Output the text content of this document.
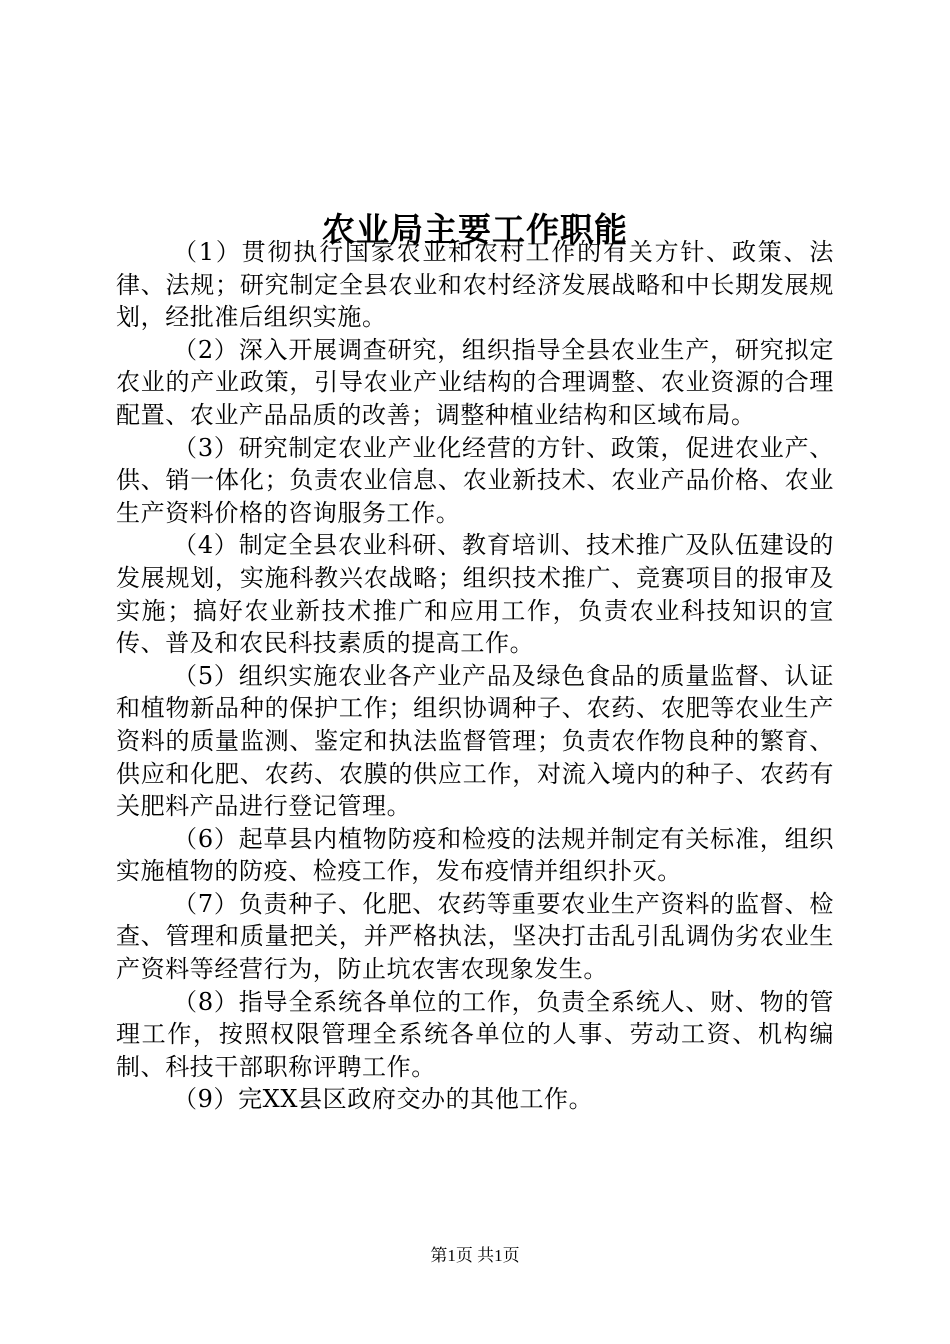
农业局主要工作职能

（1）贯彻执行国家农业和农村工作的有关方针、政策、法律、法规；研究制定全县农业和农村经济发展战略和中长期发展规划，经批准后组织实施。

（2）深入开展调查研究，组织指导全县农业生产，研究拟定农业的产业政策，引导农业产业结构的合理调整、农业资源的合理配置、农业产品品质的改善；调整种植业结构和区域布局。

（3）研究制定农业产业化经营的方针、政策，促进农业产、供、销一体化；负责农业信息、农业新技术、农业产品价格、农业生产资料价格的咨询服务工作。

（4）制定全县农业科研、教育培训、技术推广及队伍建设的发展规划，实施科教兴农战略；组织技术推广、竞赛项目的报审及实施；搞好农业新技术推广和应用工作，负责农业科技知识的宣传、普及和农民科技素质的提高工作。

（5）组织实施农业各产业产品及绿色食品的质量监督、认证和植物新品种的保护工作；组织协调种子、农药、农肥等农业生产资料的质量监测、鉴定和执法监督管理；负责农作物良种的繁育、供应和化肥、农药、农膜的供应工作，对流入境内的种子、农药有关肥料产品进行登记管理。

（6）起草县内植物防疫和检疫的法规并制定有关标准，组织实施植物的防疫、检疫工作，发布疫情并组织扑灭。

（7）负责种子、化肥、农药等重要农业生产资料的监督、检查、管理和质量把关，并严格执法，坚决打击乱引乱调伪劣农业生产资料等经营行为，防止坑农害农现象发生。

（8）指导全系统各单位的工作，负责全系统人、财、物的管理工作，按照权限管理全系统各单位的人事、劳动工资、机构编制、科技干部职称评聘工作。

（9）完XX县区政府交办的其他工作。

第1页 共1页
